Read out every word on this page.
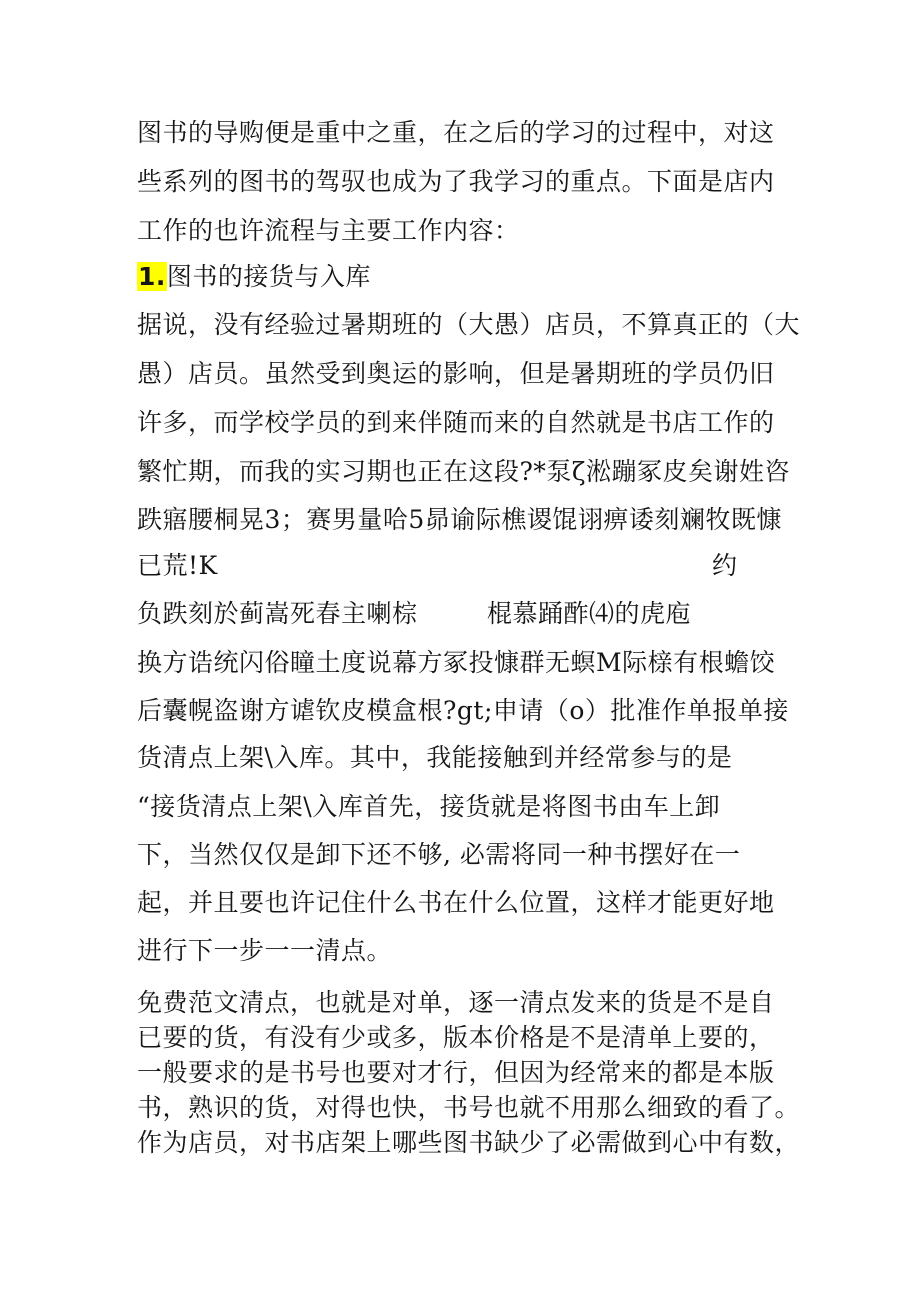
图书的导购便是重中之重，在之后的学习的过程中，对这
些系列的图书的驾驭也成为了我学习的重点。下面是店内
工作的也许流程与主要工作内容：
1.图书的接货与入库
据说，没有经验过暑期班的（大愚）店员，不算真正的（大
愚）店员。虽然受到奥运的影响，但是暑期班的学员仍旧
许多，而学校学员的到来伴随而来的自然就是书店工作的
繁忙期，而我的实习期也正在这段?*泵ζ淞蹦冢皮矣谢姓咨
跌寤腰桐晃3；赛男量哈5昴谕际樵谡馄诩痹诿刻斓牧既慷
已荒!K	约
负跌刻於蓟嵩死春主喇棕	棍慕踊酢⑷的虎庖
换方诰统闪俗瞳土度说幕方冢投慷群无螟M际榇有根蟾饺
后囊幌盗谢方谑钦皮模盒根?gt;申请（o）批准作单报单接
货清点上架\入库。其中，我能接触到并经常参与的是
“接货清点上架\入库首先，接货就是将图书由车上卸
下，当然仅仅是卸下还不够, 必需将同一种书摆好在一
起，并且要也许记住什么书在什么位置，这样才能更好地
进行下一步一一清点。
免费范文清点，也就是对单，逐一清点发来的货是不是自
已要的货，有没有少或多，版本价格是不是清单上要的，
一般要求的是书号也要对才行，但因为经常来的都是本版
书，熟识的货，对得也快，书号也就不用那么细致的看了。
作为店员，对书店架上哪些图书缺少了必需做到心中有数，
